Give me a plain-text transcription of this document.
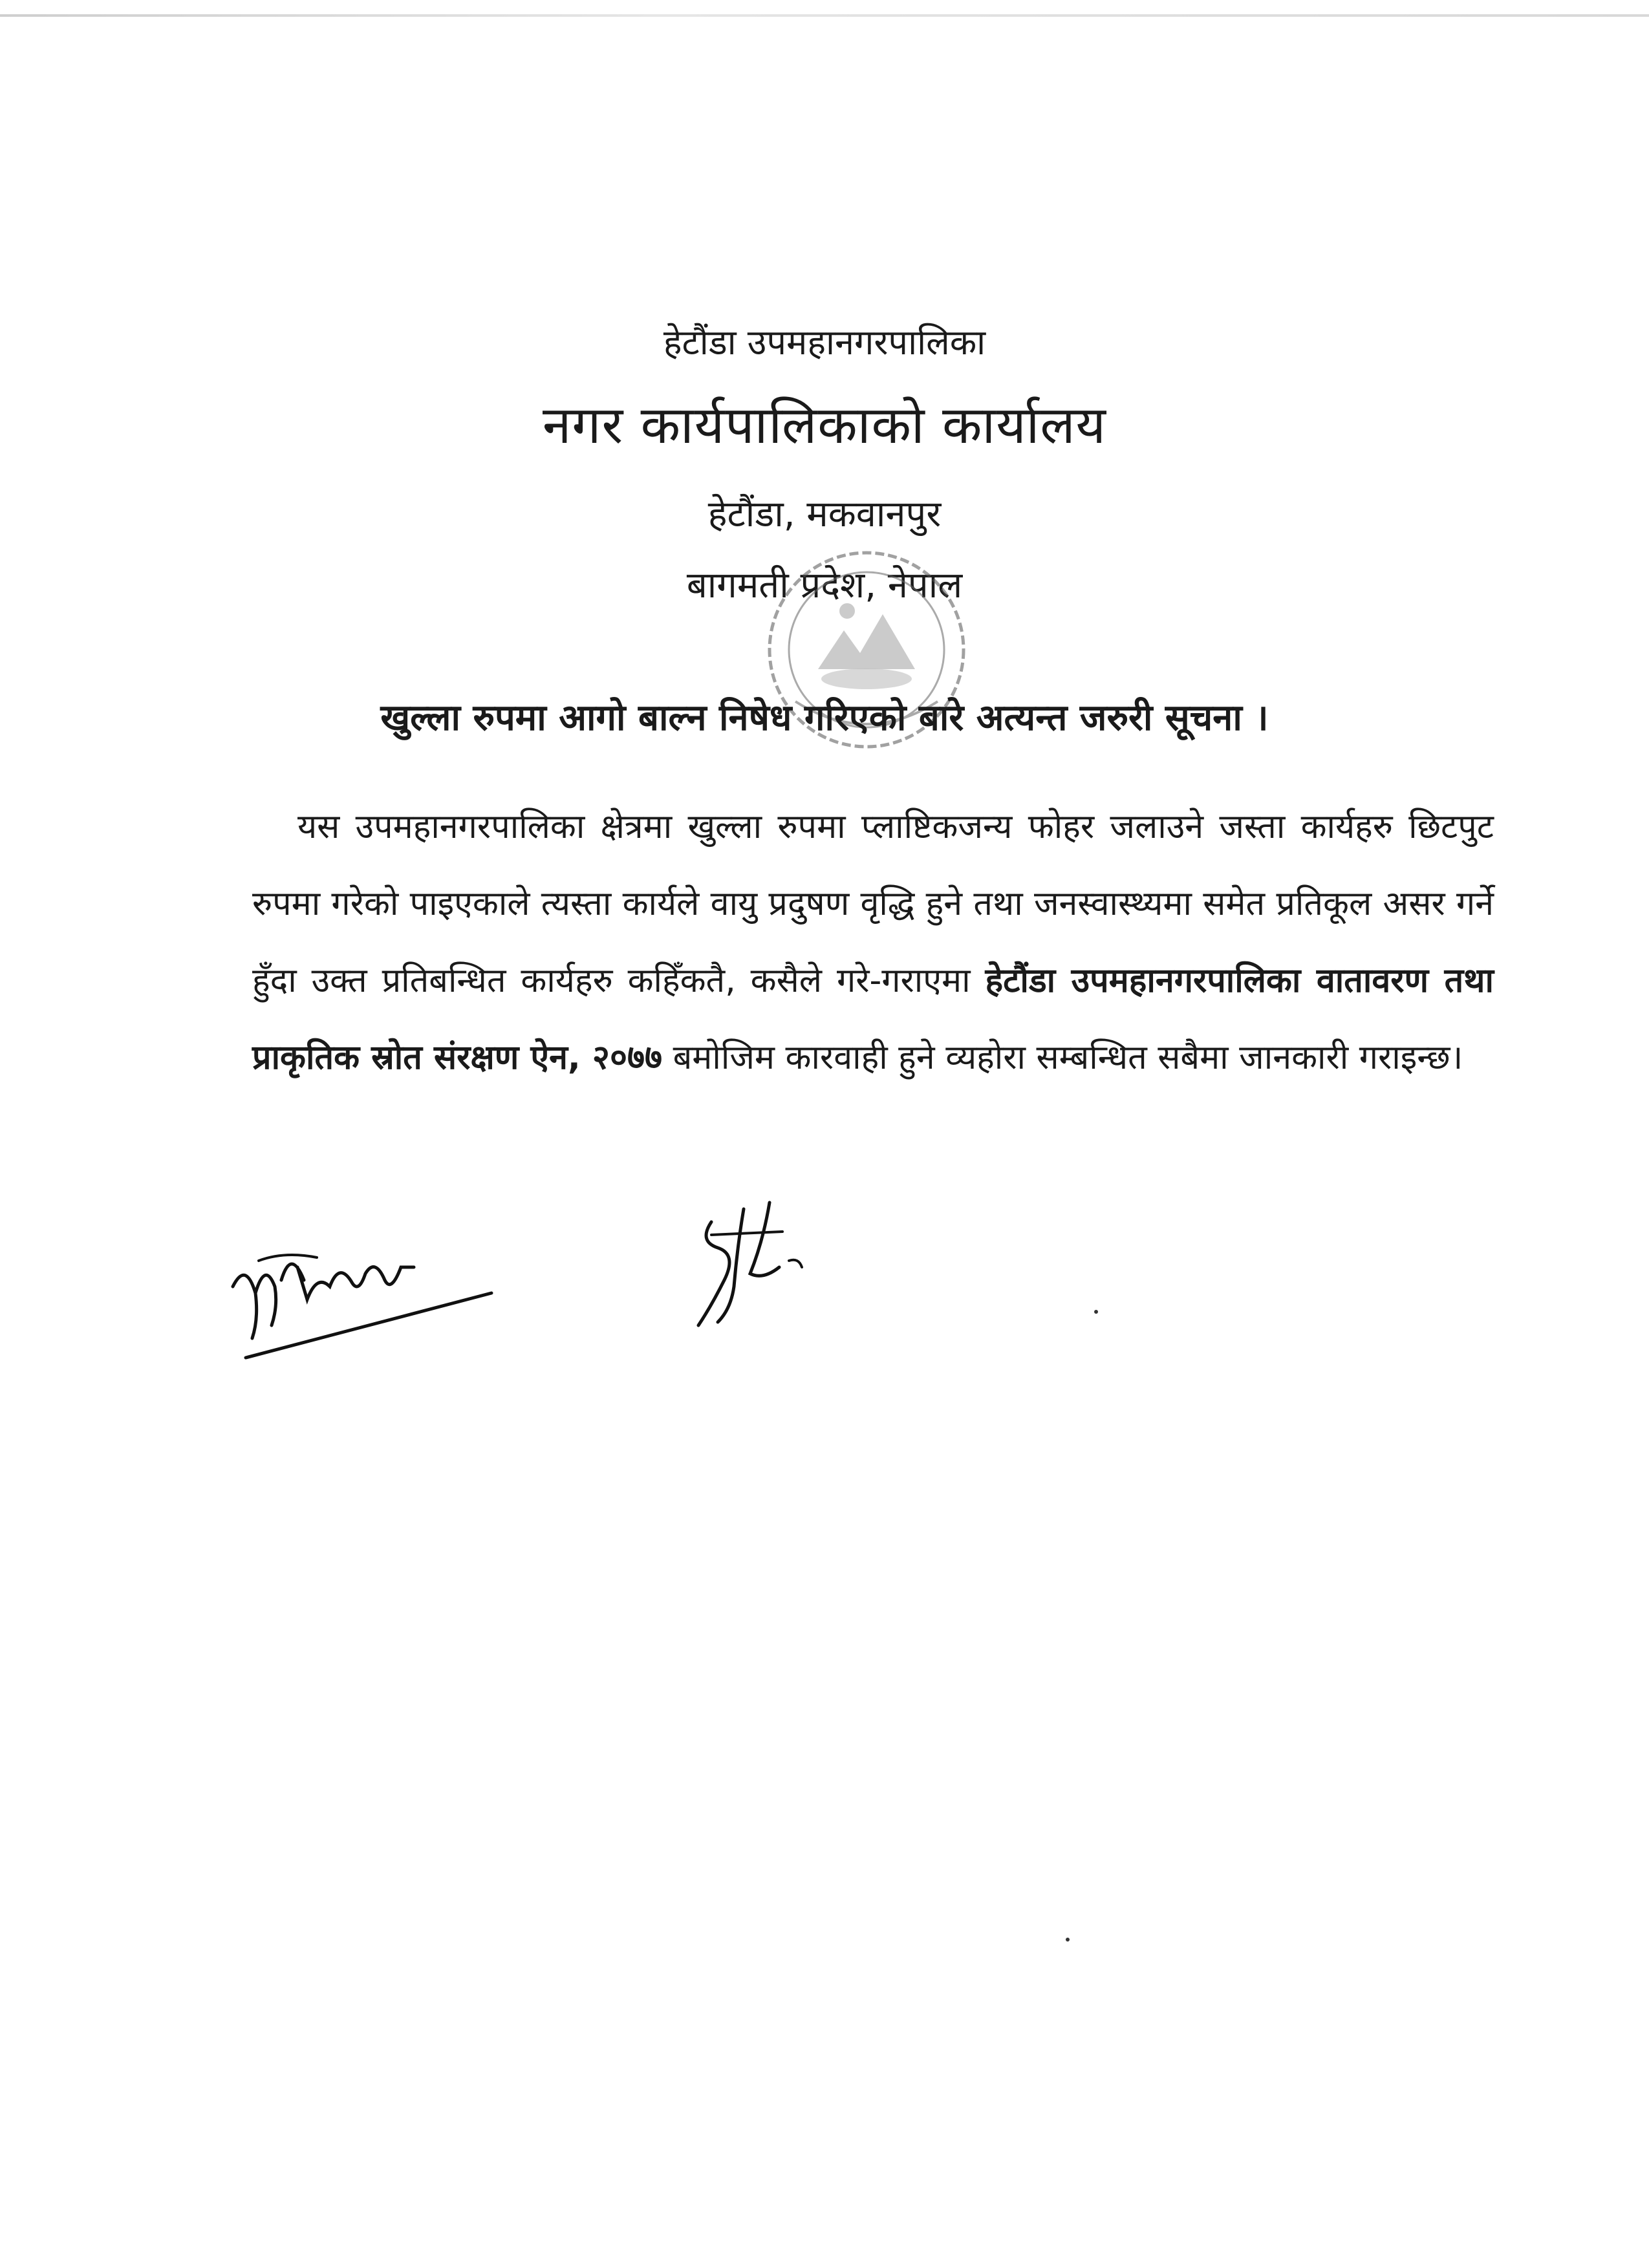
हेटौंडा उपमहानगरपालिका
नगर कार्यपालिकाको कार्यालय
हेटौंडा, मकवानपुर
बागमती प्रदेश, नेपाल
खुल्ला रुपमा आगो बाल्न निषेध गरिएको बारे अत्यन्त जरुरी सूचना ।

यस उपमहानगरपालिका क्षेत्रमा खुल्ला रुपमा प्लाष्टिकजन्य फोहर जलाउने जस्ता कार्यहरु छिटपुट रुपमा गरेको पाइएकाले त्यस्ता कार्यले वायु प्रदुषण वृद्धि हुने तथा जनस्वास्थ्यमा समेत प्रतिकूल असर गर्ने हुँदा उक्त प्रतिबन्धित कार्यहरु कहिँकतै, कसैले गरे-गराएमा हेटौंडा उपमहानगरपालिका वातावरण तथा प्राकृतिक स्रोत संरक्षण ऐन, २०७७ बमोजिम कारवाही हुने व्यहोरा सम्बन्धित सबैमा जानकारी गराइन्छ।
